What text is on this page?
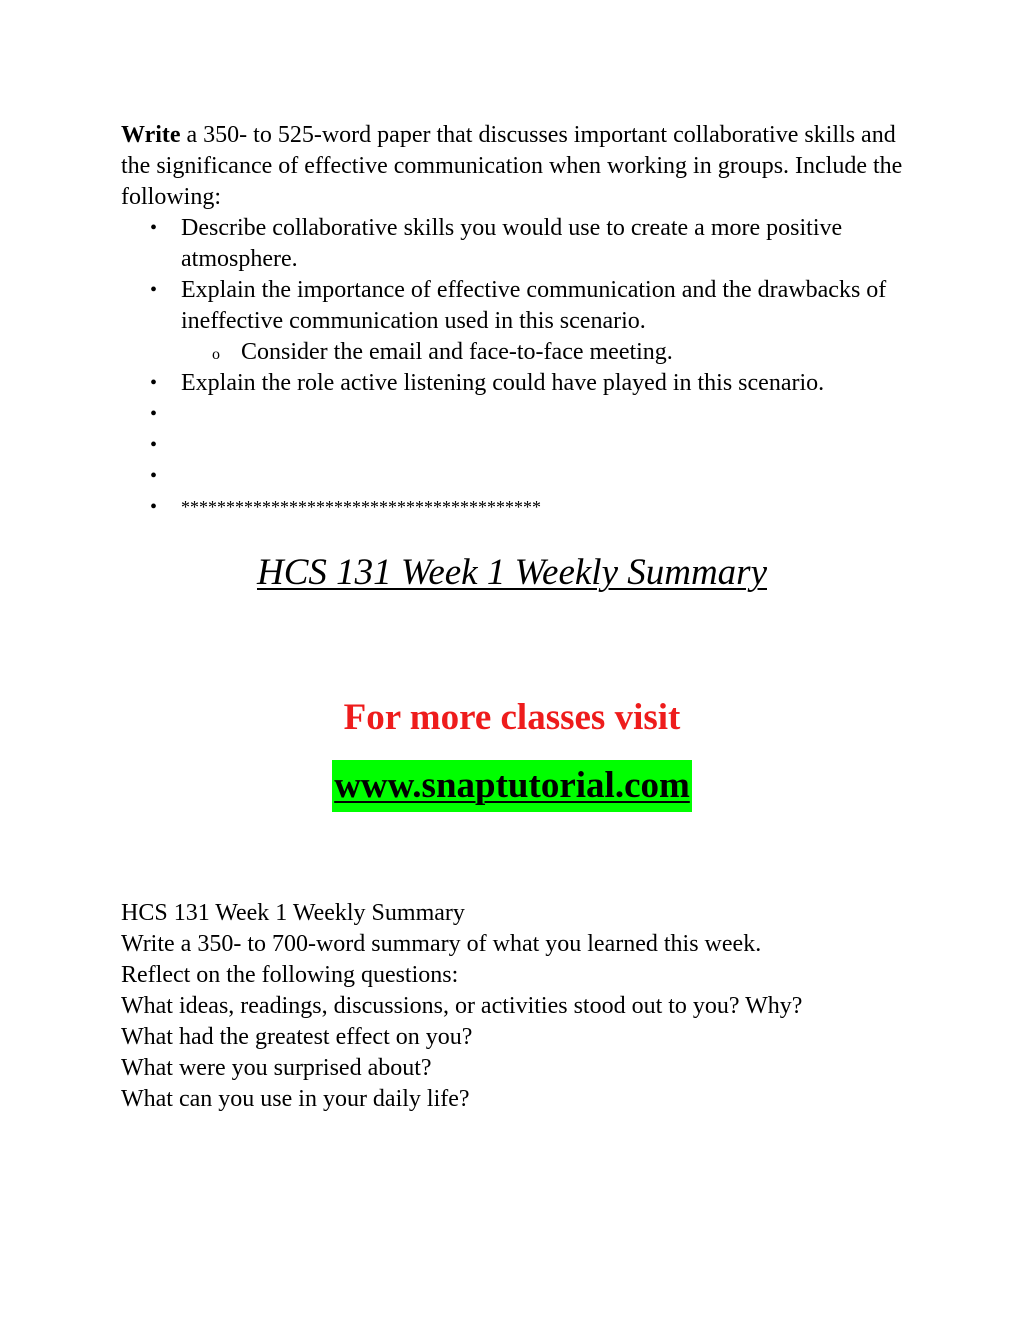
Write a 350- to 525-word paper that discusses important collaborative skills and the significance of effective communication when working in groups. Include the following:
• Describe collaborative skills you would use to create a more positive atmosphere.
• Explain the importance of effective communication and the drawbacks of ineffective communication used in this scenario.
o Consider the email and face-to-face meeting.
• Explain the role active listening could have played in this scenario.
•
•
•
• ****************************************
HCS 131 Week 1 Weekly Summary
For more classes visit
www.snaptutorial.com
HCS 131 Week 1 Weekly Summary
Write a 350- to 700-word summary of what you learned this week.
Reflect on the following questions:
What ideas, readings, discussions, or activities stood out to you? Why?
What had the greatest effect on you?
What were you surprised about?
What can you use in your daily life?
